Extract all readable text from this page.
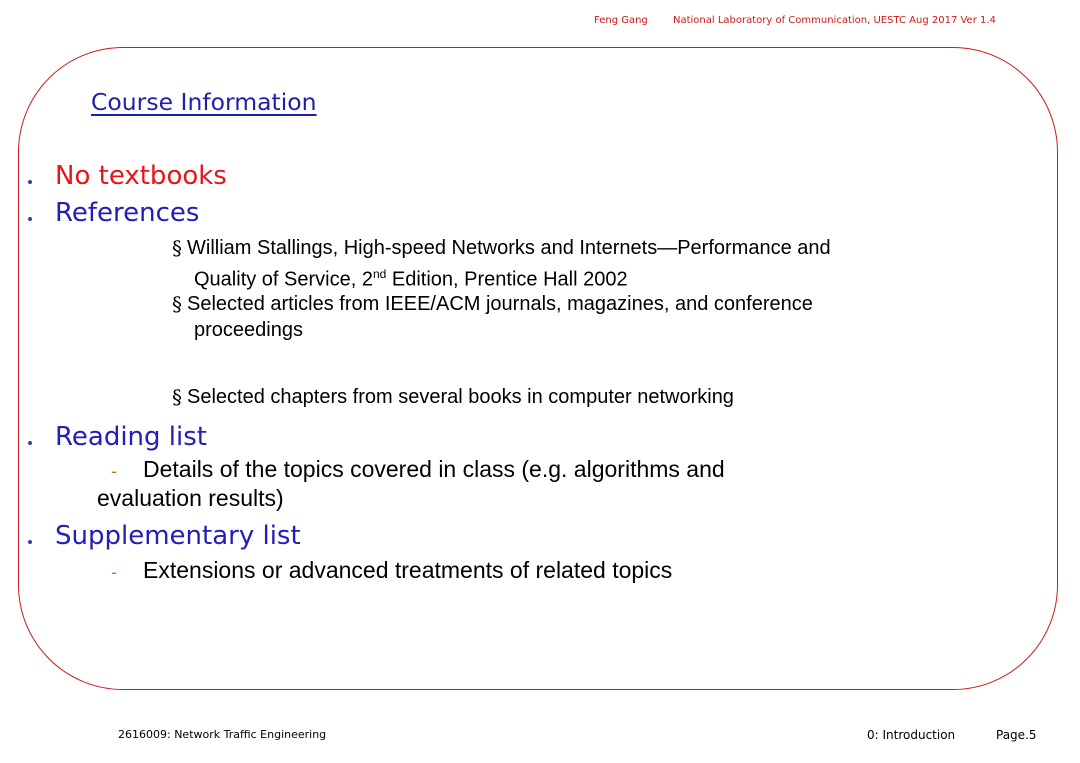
Feng Gang	National Laboratory of Communication, UESTC Aug 2017 Ver 1.4
Course Information
No textbooks
References
§ William Stallings, High-speed Networks and Internets—Performance and
Quality of Service, 2nd Edition, Prentice Hall 2002
§ Selected articles from IEEE/ACM journals, magazines, and conference
proceedings
§ Selected chapters from several books in computer networking
Reading list
- Details of the topics covered in class (e.g. algorithms and
evaluation results)
Supplementary list
- Extensions or advanced treatments of related topics
2616009: Network Traffic Engineering	0: Introduction	Page.5
